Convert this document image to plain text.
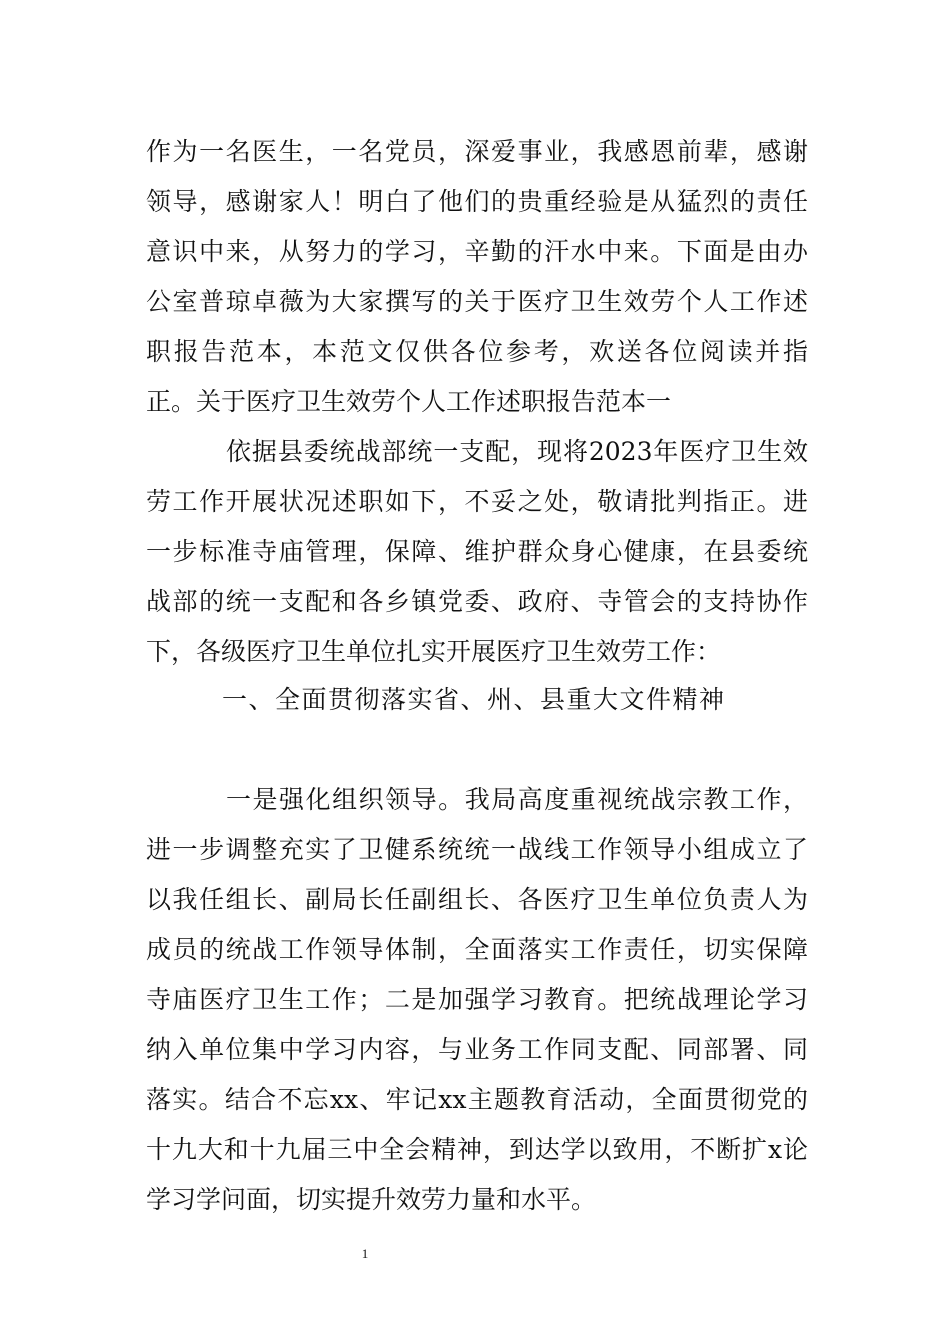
作为一名医生，一名党员，深爱事业，我感恩前辈，感谢
领导，感谢家人！明白了他们的贵重经验是从猛烈的责任
意识中来，从努力的学习，辛勤的汗水中来。下面是由办
公室普琼卓薇为大家撰写的关于医疗卫生效劳个人工作述
职报告范本，本范文仅供各位参考，欢送各位阅读并指
正。关于医疗卫生效劳个人工作述职报告范本一
依据县委统战部统一支配，现将2023年医疗卫生效
劳工作开展状况述职如下，不妥之处，敬请批判指正。进
一步标准寺庙管理，保障、维护群众身心健康，在县委统
战部的统一支配和各乡镇党委、政府、寺管会的支持协作
下，各级医疗卫生单位扎实开展医疗卫生效劳工作：
一、全面贯彻落实省、州、县重大文件精神
一是强化组织领导。我局高度重视统战宗教工作，
进一步调整充实了卫健系统统一战线工作领导小组成立了
以我任组长、副局长任副组长、各医疗卫生单位负责人为
成员的统战工作领导体制，全面落实工作责任，切实保障
寺庙医疗卫生工作；二是加强学习教育。把统战理论学习
纳入单位集中学习内容，与业务工作同支配、同部署、同
落实。结合不忘xx、牢记xx主题教育活动，全面贯彻党的
十九大和十九届三中全会精神，到达学以致用，不断扩x论
学习学问面，切实提升效劳力量和水平。
1
